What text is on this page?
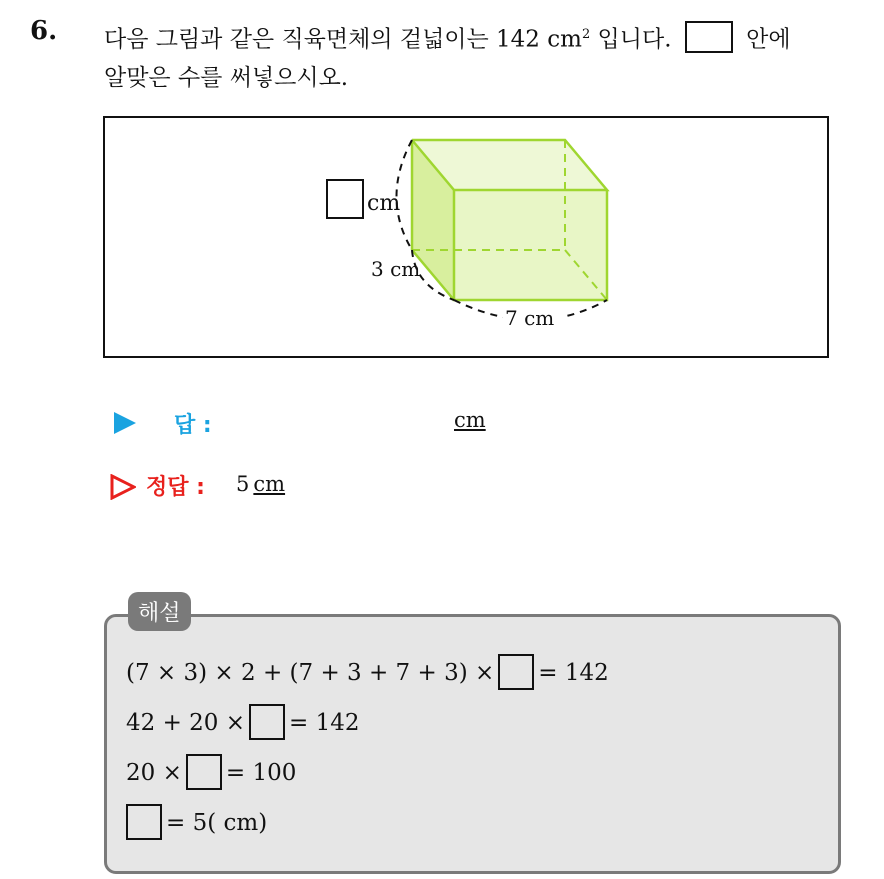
6. 다음 그림과 같은 직육면체의 겉넓이는 142 $cm^2$ 입니다.	안에
알맞은 수를 써넣으시오.
cm
3 cm
7 cm
답 :	cm
정답 : 5 cm
해설
(7 × 3) × 2 + (7 + 3 + 7 + 3) × = 142
42 + 20 × = 142
20 × = 100
= 5( cm)
